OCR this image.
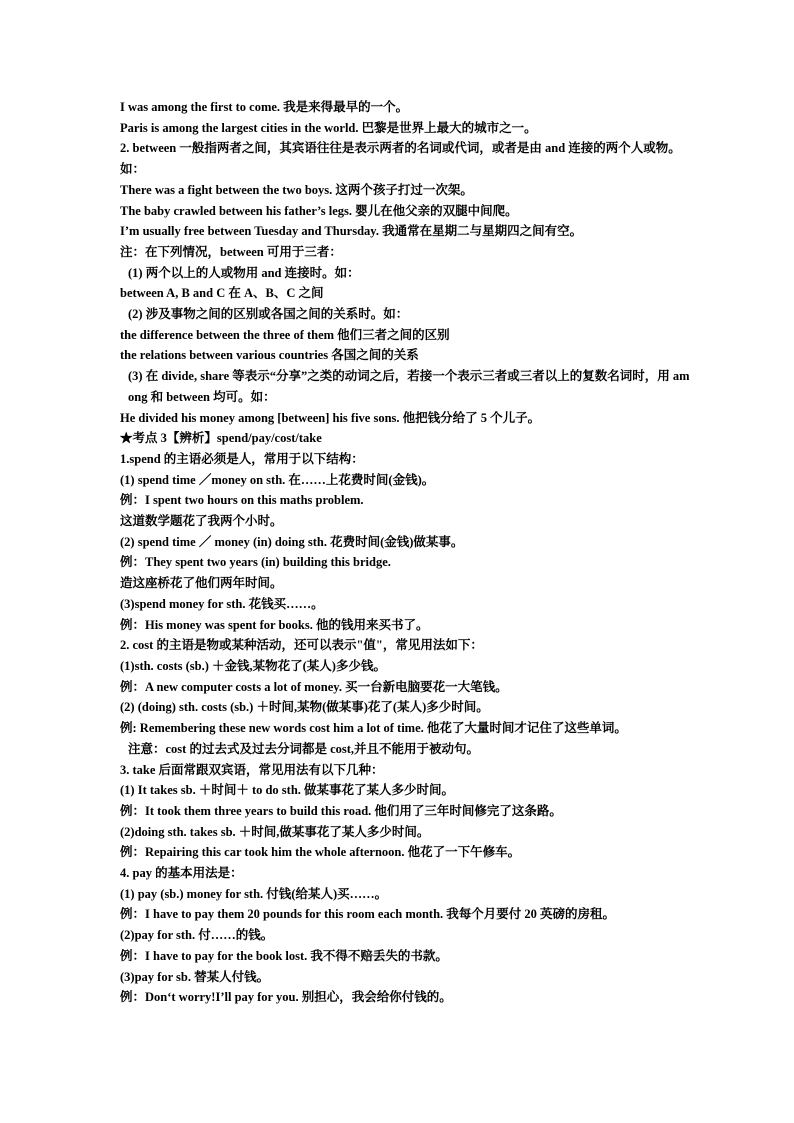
I was among the first to come. 我是来得最早的一个。
Paris is among the largest cities in the world. 巴黎是世界上最大的城市之一。
2. between 一般指两者之间，其宾语往往是表示两者的名词或代词，或者是由 and 连接的两个人或物。如：
There was a fight between the two boys. 这两个孩子打过一次架。
The baby crawled between his father’s legs. 婴儿在他父亲的双腿中间爬。
I’m usually free between Tuesday and Thursday. 我通常在星期二与星期四之间有空。
注：在下列情况，between 可用于三者：
(1) 两个以上的人或物用 and 连接时。如：
between A, B and C 在 A、B、C 之间
(2) 涉及事物之间的区别或各国之间的关系时。如：
the difference between the three of them 他们三者之间的区别
the relations between various countries 各国之间的关系
(3) 在 divide, share 等表示“分享”之类的动词之后，若接一个表示三者或三者以上的复数名词时，用 among 和 between 均可。如：
He divided his money among [between] his five sons. 他把钱分给了 5 个儿子。
★考点 3【辨析】spend/pay/cost/take
1.spend 的主语必须是人，常用于以下结构：
(1) spend time ／money on sth. 在……上花费时间(金钱)。
例：I spent two hours on this maths problem.
这道数学题花了我两个小时。
(2) spend time ／ money (in) doing sth. 花费时间(金钱)做某事。
例：They spent two years (in) building this bridge.
造这座桥花了他们两年时间。
(3)spend money for sth. 花钱买……。
例：His money was spent for books. 他的钱用来买书了。
2. cost 的主语是物或某种活动，还可以表示"值"，常见用法如下：
(1)sth. costs (sb.) ＋金钱,某物花了(某人)多少钱。
例：A new computer costs a lot of money. 买一台新电脑要花一大笔钱。
(2) (doing) sth. costs (sb.) ＋时间,某物(做某事)花了(某人)多少时间。
例: Remembering these new words cost him a lot of time. 他花了大量时间才记住了这些单词。
注意：cost 的过去式及过去分词都是 cost,并且不能用于被动句。
3. take 后面常跟双宾语，常见用法有以下几种：
(1) It takes sb. ＋时间＋ to do sth. 做某事花了某人多少时间。
例：It took them three years to build this road. 他们用了三年时间修完了这条路。
(2)doing sth. takes sb. ＋时间,做某事花了某人多少时间。
例：Repairing this car took him the whole afternoon. 他花了一下午修车。
4. pay 的基本用法是：
(1) pay (sb.) money for sth. 付钱(给某人)买……。
例：I have to pay them 20 pounds for this room each month. 我每个月要付 20 英磅的房租。
(2)pay for sth. 付……的钱。
例：I have to pay for the book lost. 我不得不赔丢失的书款。
(3)pay for sb. 替某人付钱。
例：Don‘t worry!I’ll pay for you. 别担心，我会给你付钱的。
